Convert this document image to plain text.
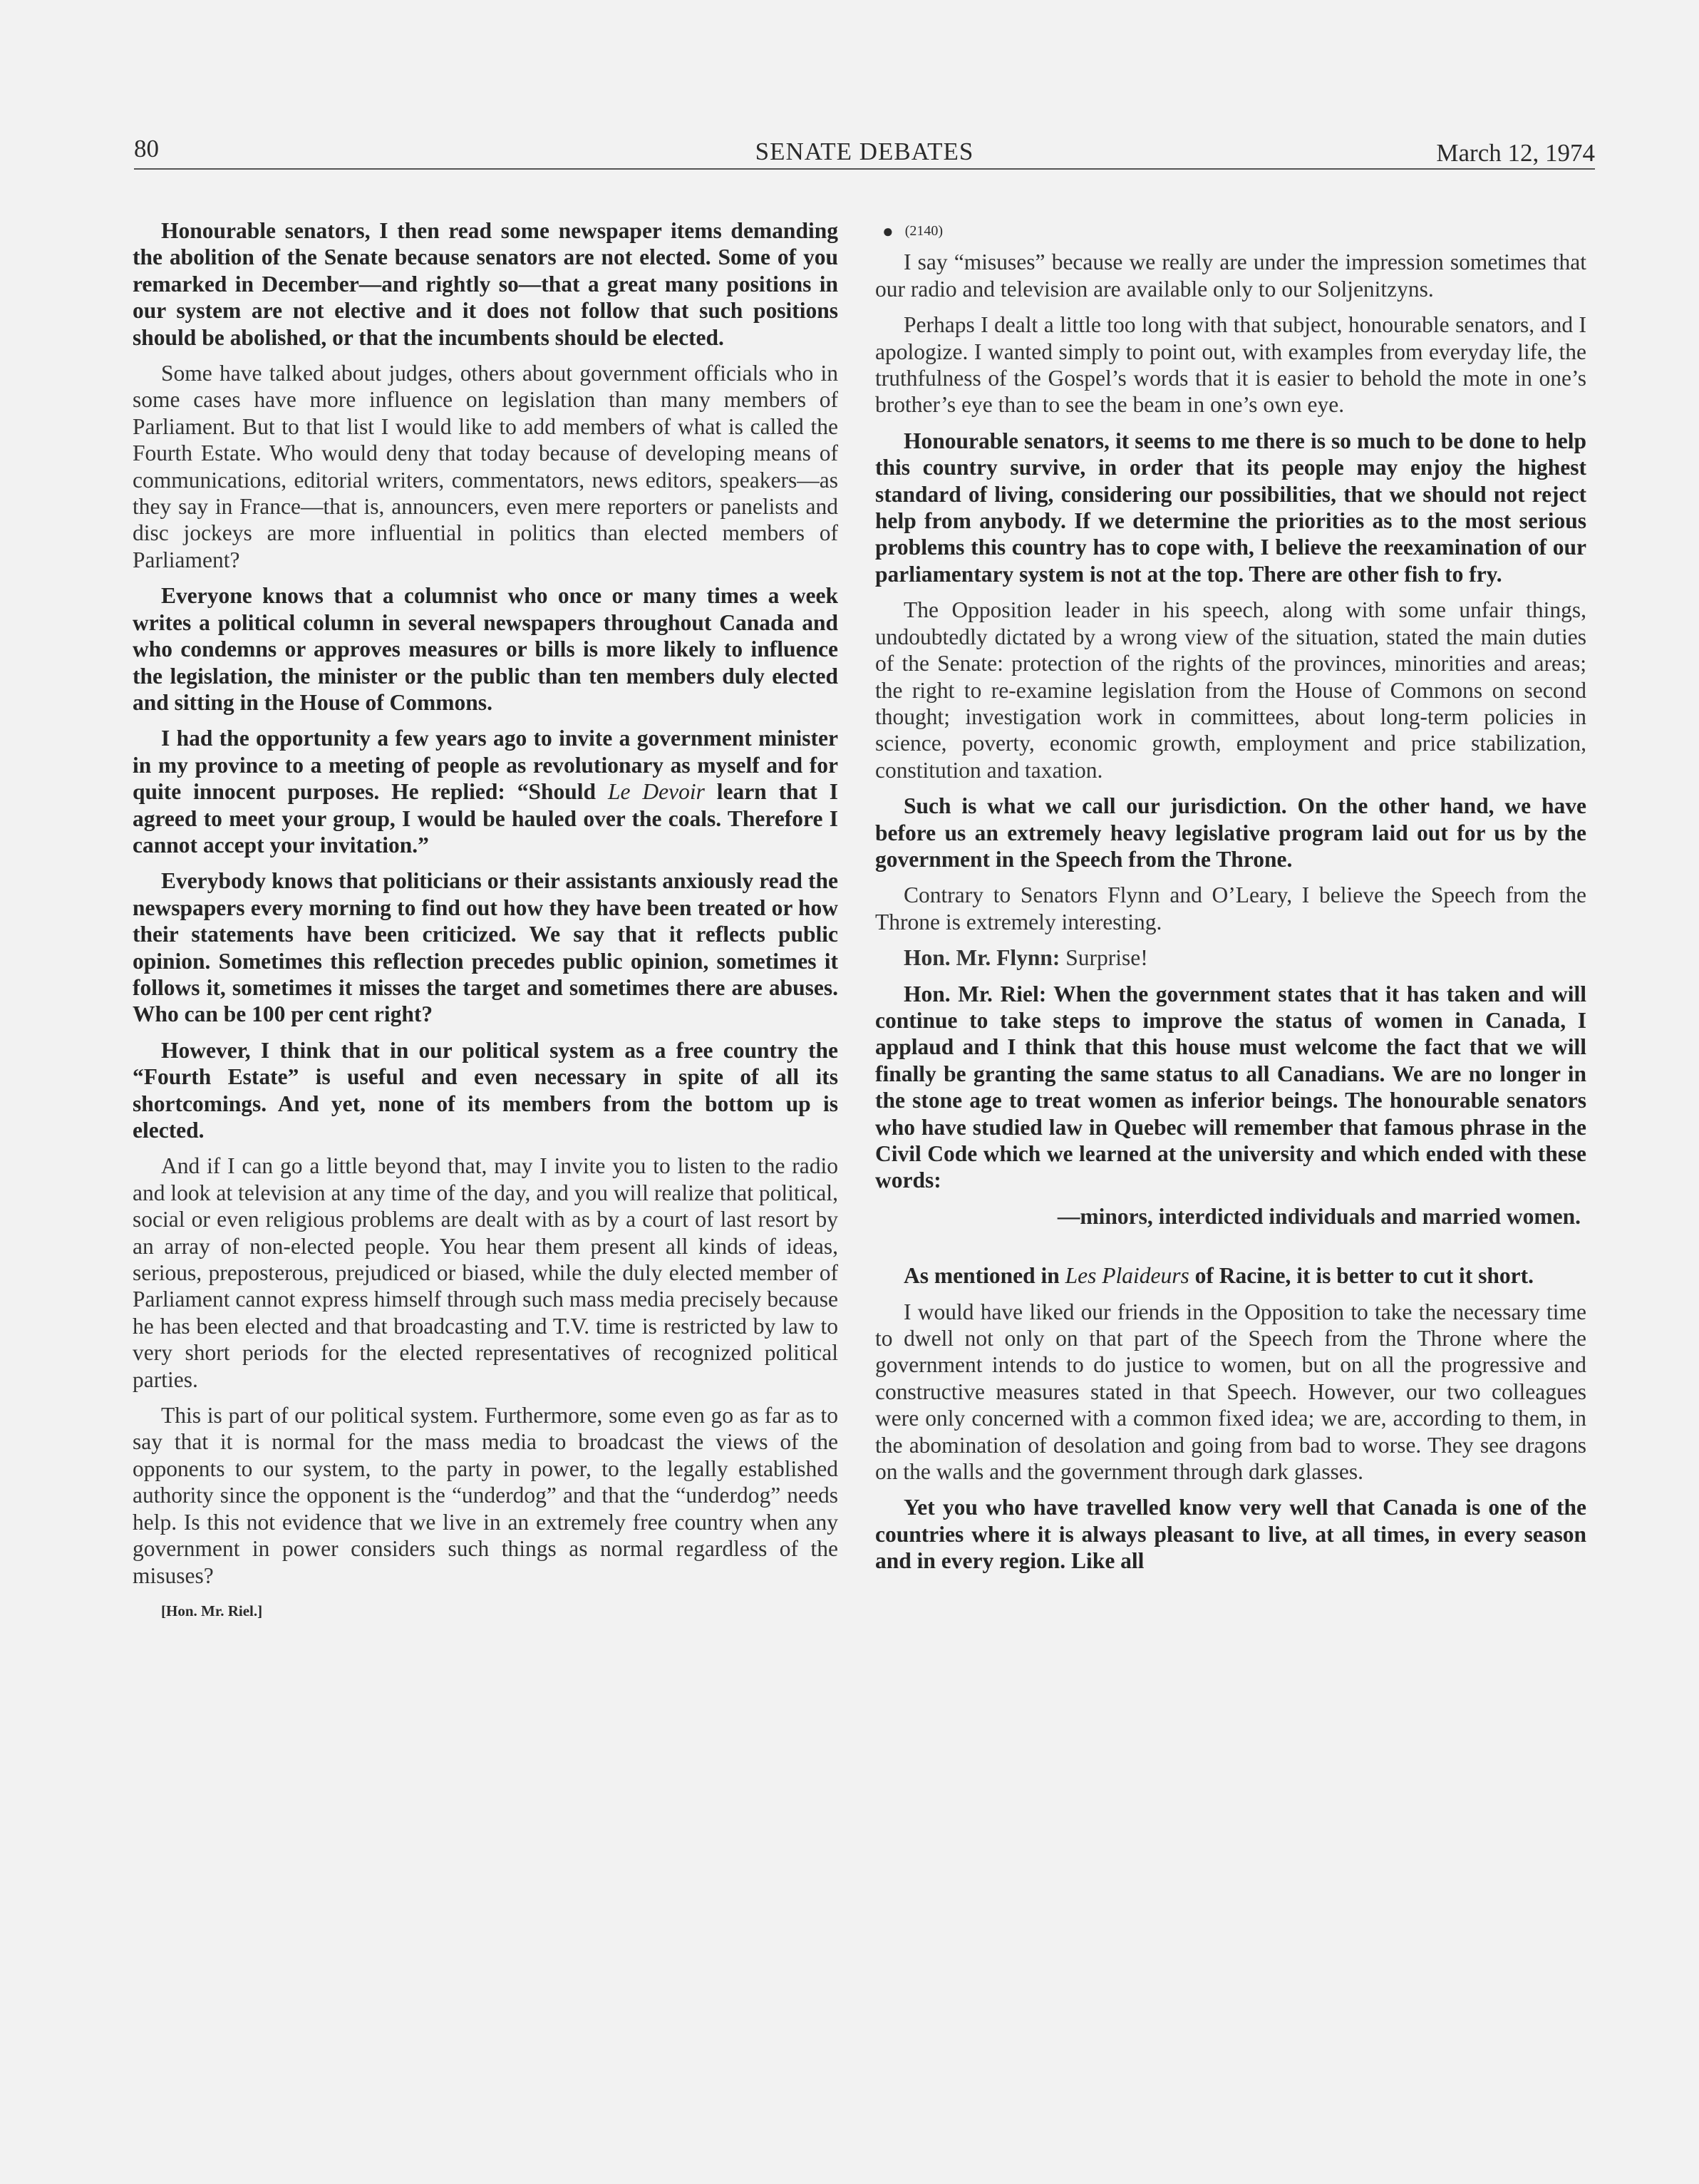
80	SENATE DEBATES	March 12, 1974

Honourable senators, I then read some newspaper items demanding the abolition of the Senate because senators are not elected. Some of you remarked in December—and rightly so—that a great many positions in our system are not elective and it does not follow that such positions should be abolished, or that the incumbents should be elected.

Some have talked about judges, others about government officials who in some cases have more influence on legislation than many members of Parliament. But to that list I would like to add members of what is called the Fourth Estate. Who would deny that today because of developing means of communications, editorial writers, commentators, news editors, speakers—as they say in France—that is, announcers, even mere reporters or panelists and disc jockeys are more influential in politics than elected members of Parliament?

Everyone knows that a columnist who once or many times a week writes a political column in several newspapers throughout Canada and who condemns or approves measures or bills is more likely to influence the legislation, the minister or the public than ten members duly elected and sitting in the House of Commons.

I had the opportunity a few years ago to invite a government minister in my province to a meeting of people as revolutionary as myself and for quite innocent purposes. He replied: “Should Le Devoir learn that I agreed to meet your group, I would be hauled over the coals. Therefore I cannot accept your invitation.”

Everybody knows that politicians or their assistants anxiously read the newspapers every morning to find out how they have been treated or how their statements have been criticized. We say that it reflects public opinion. Sometimes this reflection precedes public opinion, sometimes it follows it, sometimes it misses the target and sometimes there are abuses. Who can be 100 per cent right?

However, I think that in our political system as a free country the “Fourth Estate” is useful and even necessary in spite of all its shortcomings. And yet, none of its members from the bottom up is elected.

And if I can go a little beyond that, may I invite you to listen to the radio and look at television at any time of the day, and you will realize that political, social or even religious problems are dealt with as by a court of last resort by an array of non-elected people. You hear them present all kinds of ideas, serious, preposterous, prejudiced or biased, while the duly elected member of Parliament cannot express himself through such mass media precisely because he has been elected and that broadcasting and T.V. time is restricted by law to very short periods for the elected representatives of recognized political parties.

This is part of our political system. Furthermore, some even go as far as to say that it is normal for the mass media to broadcast the views of the opponents to our system, to the party in power, to the legally established authority since the opponent is the “underdog” and that the “underdog” needs help. Is this not evidence that we live in an extremely free country when any government in power considers such things as normal regardless of the misuses?

[Hon. Mr. Riel.]

● (2140)

I say “misuses” because we really are under the impression sometimes that our radio and television are available only to our Soljenitzyns.

Perhaps I dealt a little too long with that subject, honourable senators, and I apologize. I wanted simply to point out, with examples from everyday life, the truthfulness of the Gospel’s words that it is easier to behold the mote in one’s brother’s eye than to see the beam in one’s own eye.

Honourable senators, it seems to me there is so much to be done to help this country survive, in order that its people may enjoy the highest standard of living, considering our possibilities, that we should not reject help from anybody. If we determine the priorities as to the most serious problems this country has to cope with, I believe the reexamination of our parliamentary system is not at the top. There are other fish to fry.

The Opposition leader in his speech, along with some unfair things, undoubtedly dictated by a wrong view of the situation, stated the main duties of the Senate: protection of the rights of the provinces, minorities and areas; the right to re-examine legislation from the House of Commons on second thought; investigation work in committees, about long-term policies in science, poverty, economic growth, employment and price stabilization, constitution and taxation.

Such is what we call our jurisdiction. On the other hand, we have before us an extremely heavy legislative program laid out for us by the government in the Speech from the Throne.

Contrary to Senators Flynn and O’Leary, I believe the Speech from the Throne is extremely interesting.

Hon. Mr. Flynn: Surprise!

Hon. Mr. Riel: When the government states that it has taken and will continue to take steps to improve the status of women in Canada, I applaud and I think that this house must welcome the fact that we will finally be granting the same status to all Canadians. We are no longer in the stone age to treat women as inferior beings. The honourable senators who have studied law in Quebec will remember that famous phrase in the Civil Code which we learned at the university and which ended with these words:

—minors, interdicted individuals and married women.

As mentioned in Les Plaideurs of Racine, it is better to cut it short.

I would have liked our friends in the Opposition to take the necessary time to dwell not only on that part of the Speech from the Throne where the government intends to do justice to women, but on all the progressive and constructive measures stated in that Speech. However, our two colleagues were only concerned with a common fixed idea; we are, according to them, in the abomination of desolation and going from bad to worse. They see dragons on the walls and the government through dark glasses.

Yet you who have travelled know very well that Canada is one of the countries where it is always pleasant to live, at all times, in every season and in every region. Like all
